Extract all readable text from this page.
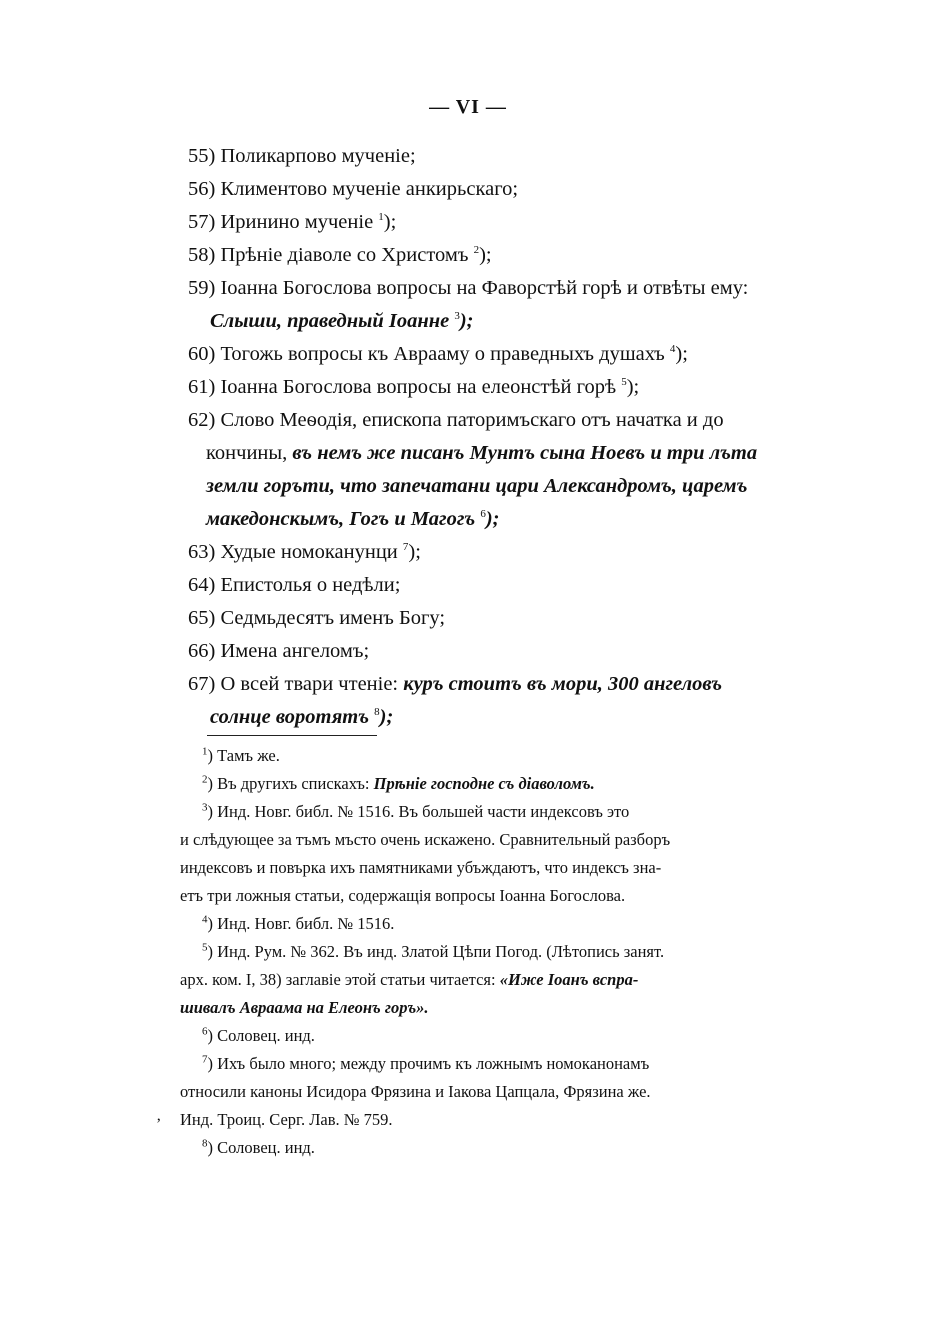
— VI —

55) Поликарпово мученіе;

56) Климентово мученіе анкирьскаго;

57) Иринино мученіе $^1$);

58) Прѣніе діаволе со Христомъ $^2$);

59) Іоанна Богослова вопросы на Фаворстѣй горѣ и отвѣты ему:
Слыши, праведный Іоанне $^3$);

60) Тогожь вопросы къ Аврааму о праведныхъ душахъ $^4$);

61) Іоанна Богослова вопросы на елеонстѣй горѣ $^5$);

62) Слово Меѳодія, епископа паторимъскаго отъ начатка и до
кончины, въ немъ же писанъ Мунтъ сына Ноевъ и три лъта
земли горъти, что запечатани цари Александромъ, царемъ
македонскымъ, Гогъ и Магогъ $^6$);

63) Худые номоканунци $^7$);

64) Епистолья о недѣли;

65) Седмьдесятъ именъ Богу;

66) Имена ангеломъ;

67) О всей твари чтеніе: куръ стоитъ въ мори, 300 ангеловъ
солнце воротятъ $^8$);

$^1$) Тамъ же.

$^2$) Въ другихъ спискахъ: Прѣніе господне съ діаволомъ.

$^3$) Инд. Новг. библ. № 1516. Въ большей части индексовъ это
и слѣдующее за тъмъ мъсто очень искажено. Сравнительный разборъ
индексовъ и повърка ихъ памятниками убъждаютъ, что индексъ зна-
етъ три ложныя статьи, содержащія вопросы Іоанна Богослова.

$^4$) Инд. Новг. библ. № 1516.

$^5$) Инд. Рум. № 362. Въ инд. Златой Цѣпи Погод. (Лѣтопись занят.
арх. ком. I, 38) заглавіе этой статьи читается: «Иже Іоанъ вспра-
шивалъ Авраама на Елеонъ горъ».

$^6$) Соловец. инд.

$^7$) Ихъ было много; между прочимъ къ ложнымъ номоканонамъ
относили каноны Исидора Фрязина и Іакова Цапцала, Фрязина же.
Инд. Троиц. Серг. Лав. № 759.

$^8$) Соловец. инд.

ʼ
